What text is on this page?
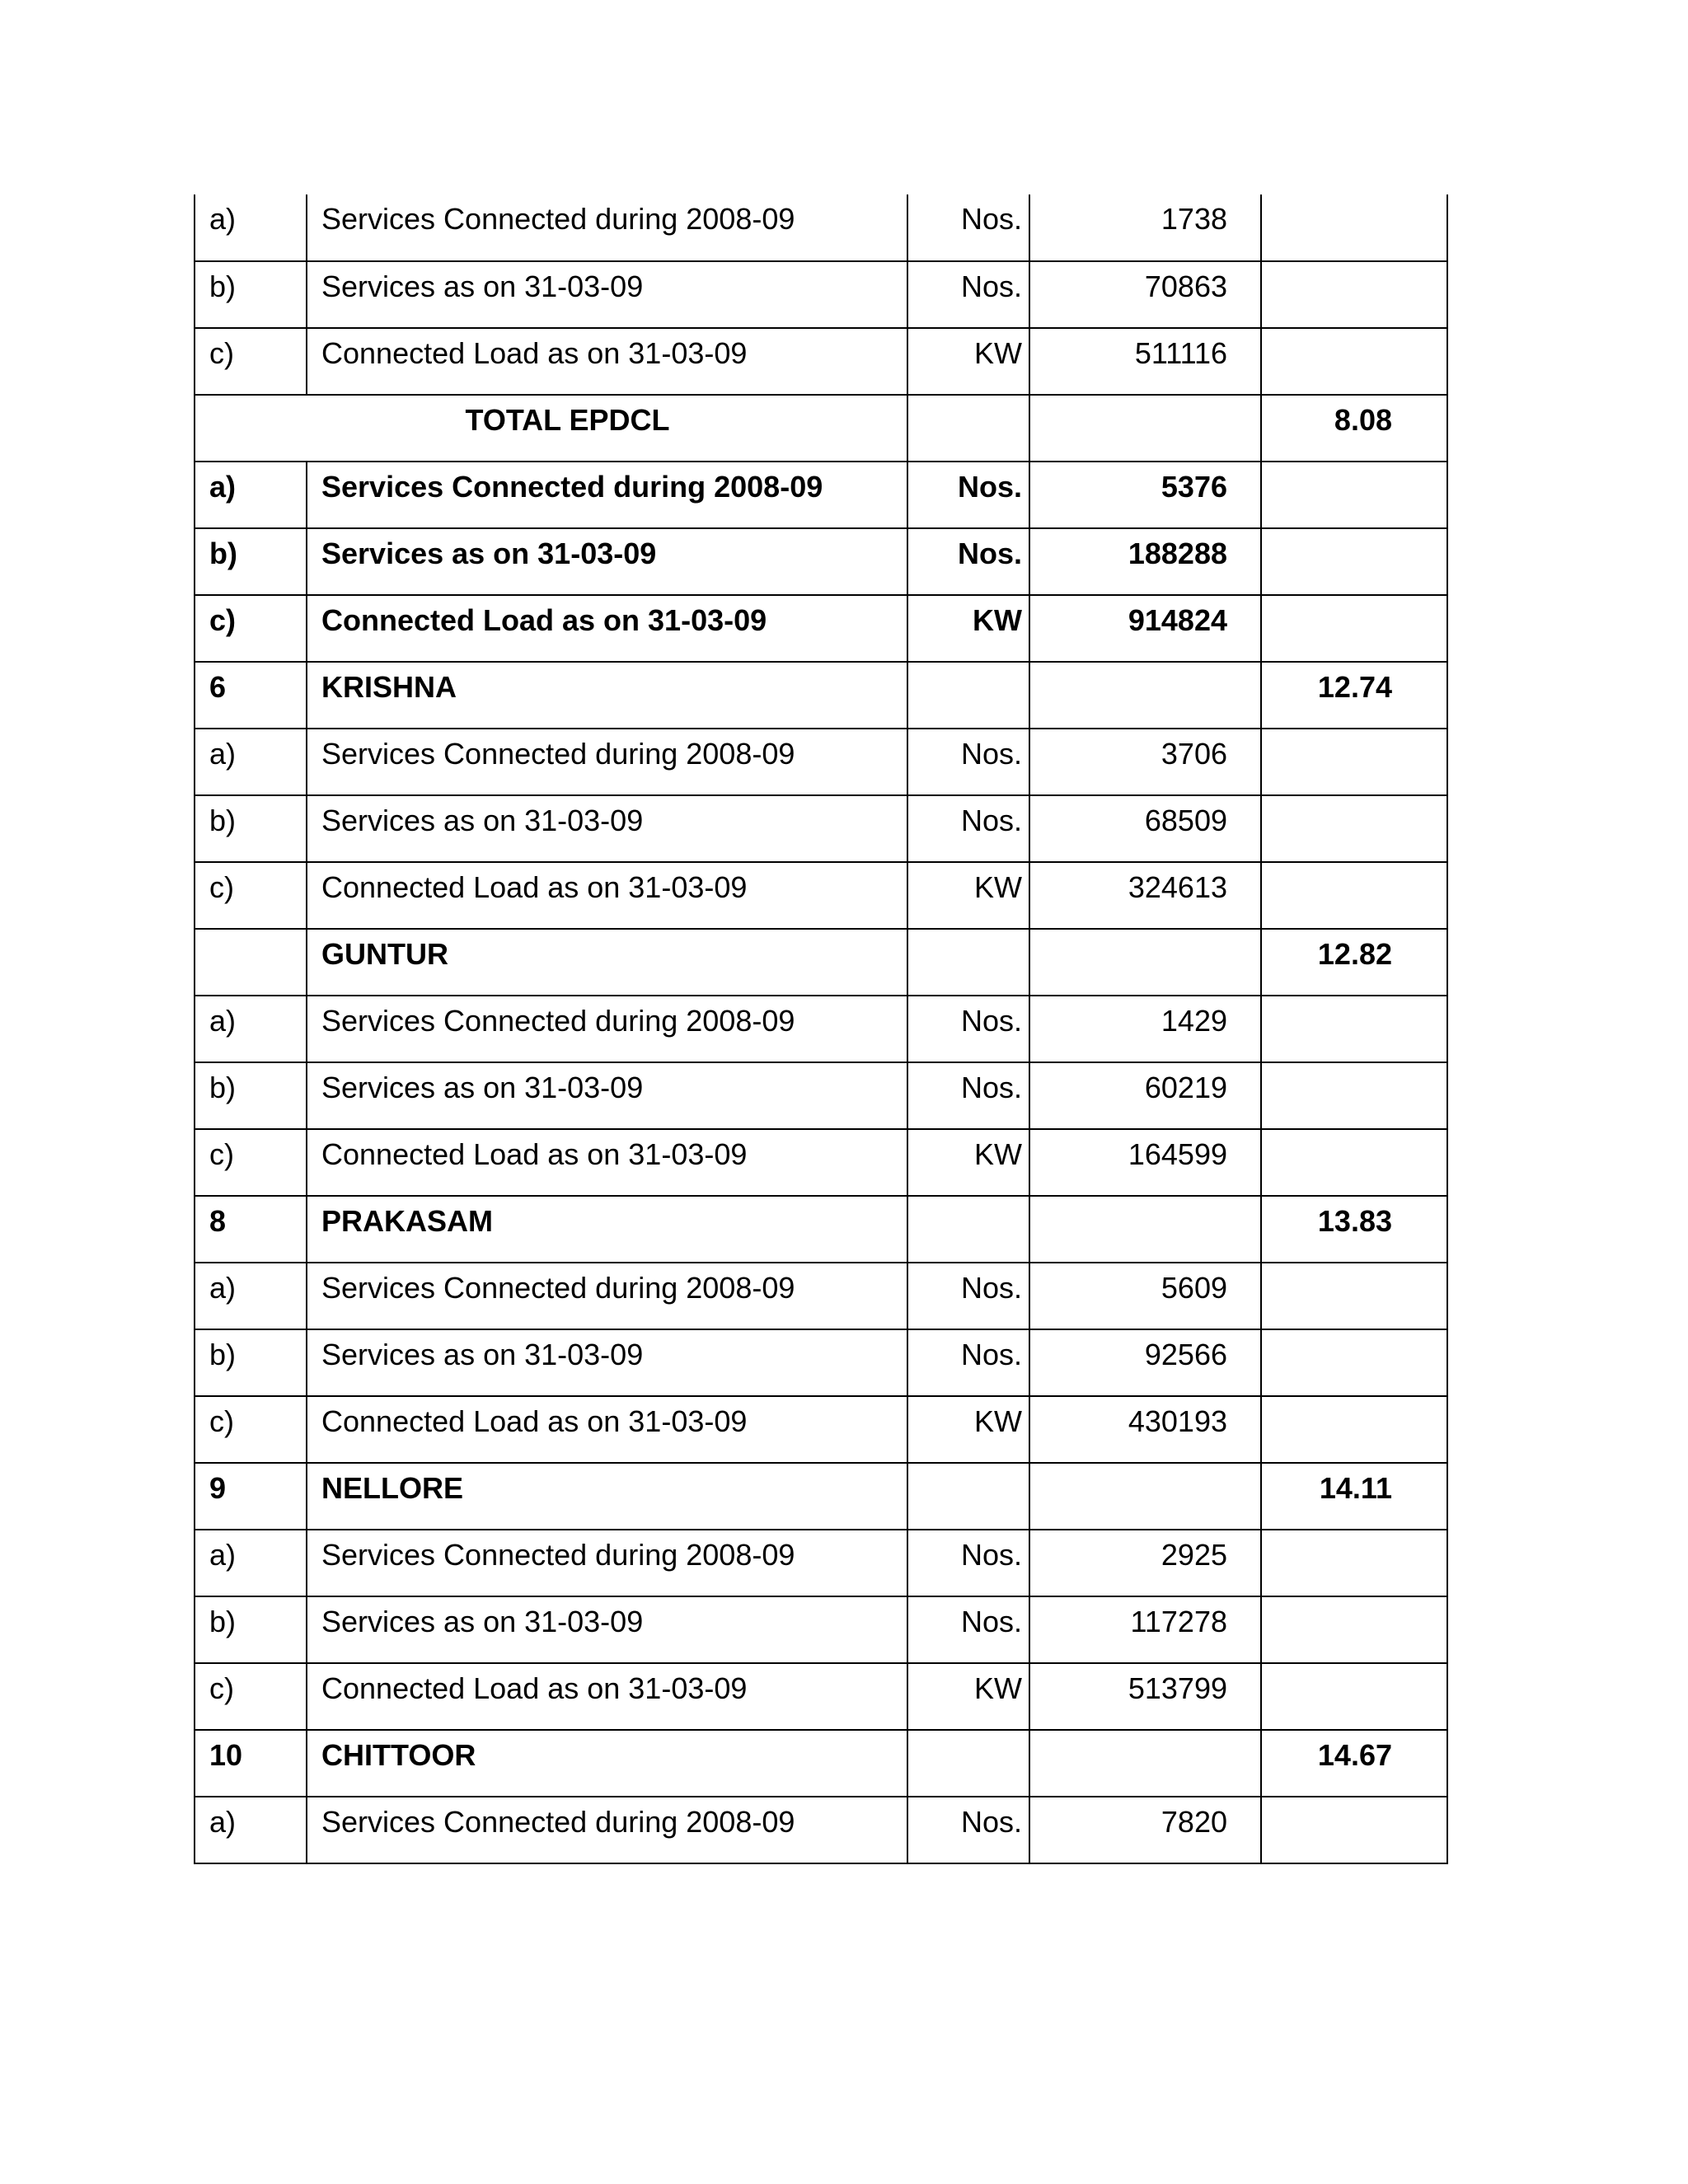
a)	Services Connected during 2008-09	Nos.	1738	
b)	Services as on 31-03-09	Nos.	70863	
c)	Connected Load as on 31-03-09	KW	511116	
TOTAL EPDCL				8.08
a)	Services Connected during 2008-09	Nos.	5376	
b)	Services as on 31-03-09	Nos.	188288	
c)	Connected Load as on 31-03-09	KW	914824	
6	KRISHNA			12.74
a)	Services Connected during 2008-09	Nos.	3706	
b)	Services as on 31-03-09	Nos.	68509	
c)	Connected Load as on 31-03-09	KW	324613	
	GUNTUR			12.82
a)	Services Connected during 2008-09	Nos.	1429	
b)	Services as on 31-03-09	Nos.	60219	
c)	Connected Load as on 31-03-09	KW	164599	
8	PRAKASAM			13.83
a)	Services Connected during 2008-09	Nos.	5609	
b)	Services as on 31-03-09	Nos.	92566	
c)	Connected Load as on 31-03-09	KW	430193	
9	NELLORE			14.11
a)	Services Connected during 2008-09	Nos.	2925	
b)	Services as on 31-03-09	Nos.	117278	
c)	Connected Load as on 31-03-09	KW	513799	
10	CHITTOOR			14.67
a)	Services Connected during 2008-09	Nos.	7820	
